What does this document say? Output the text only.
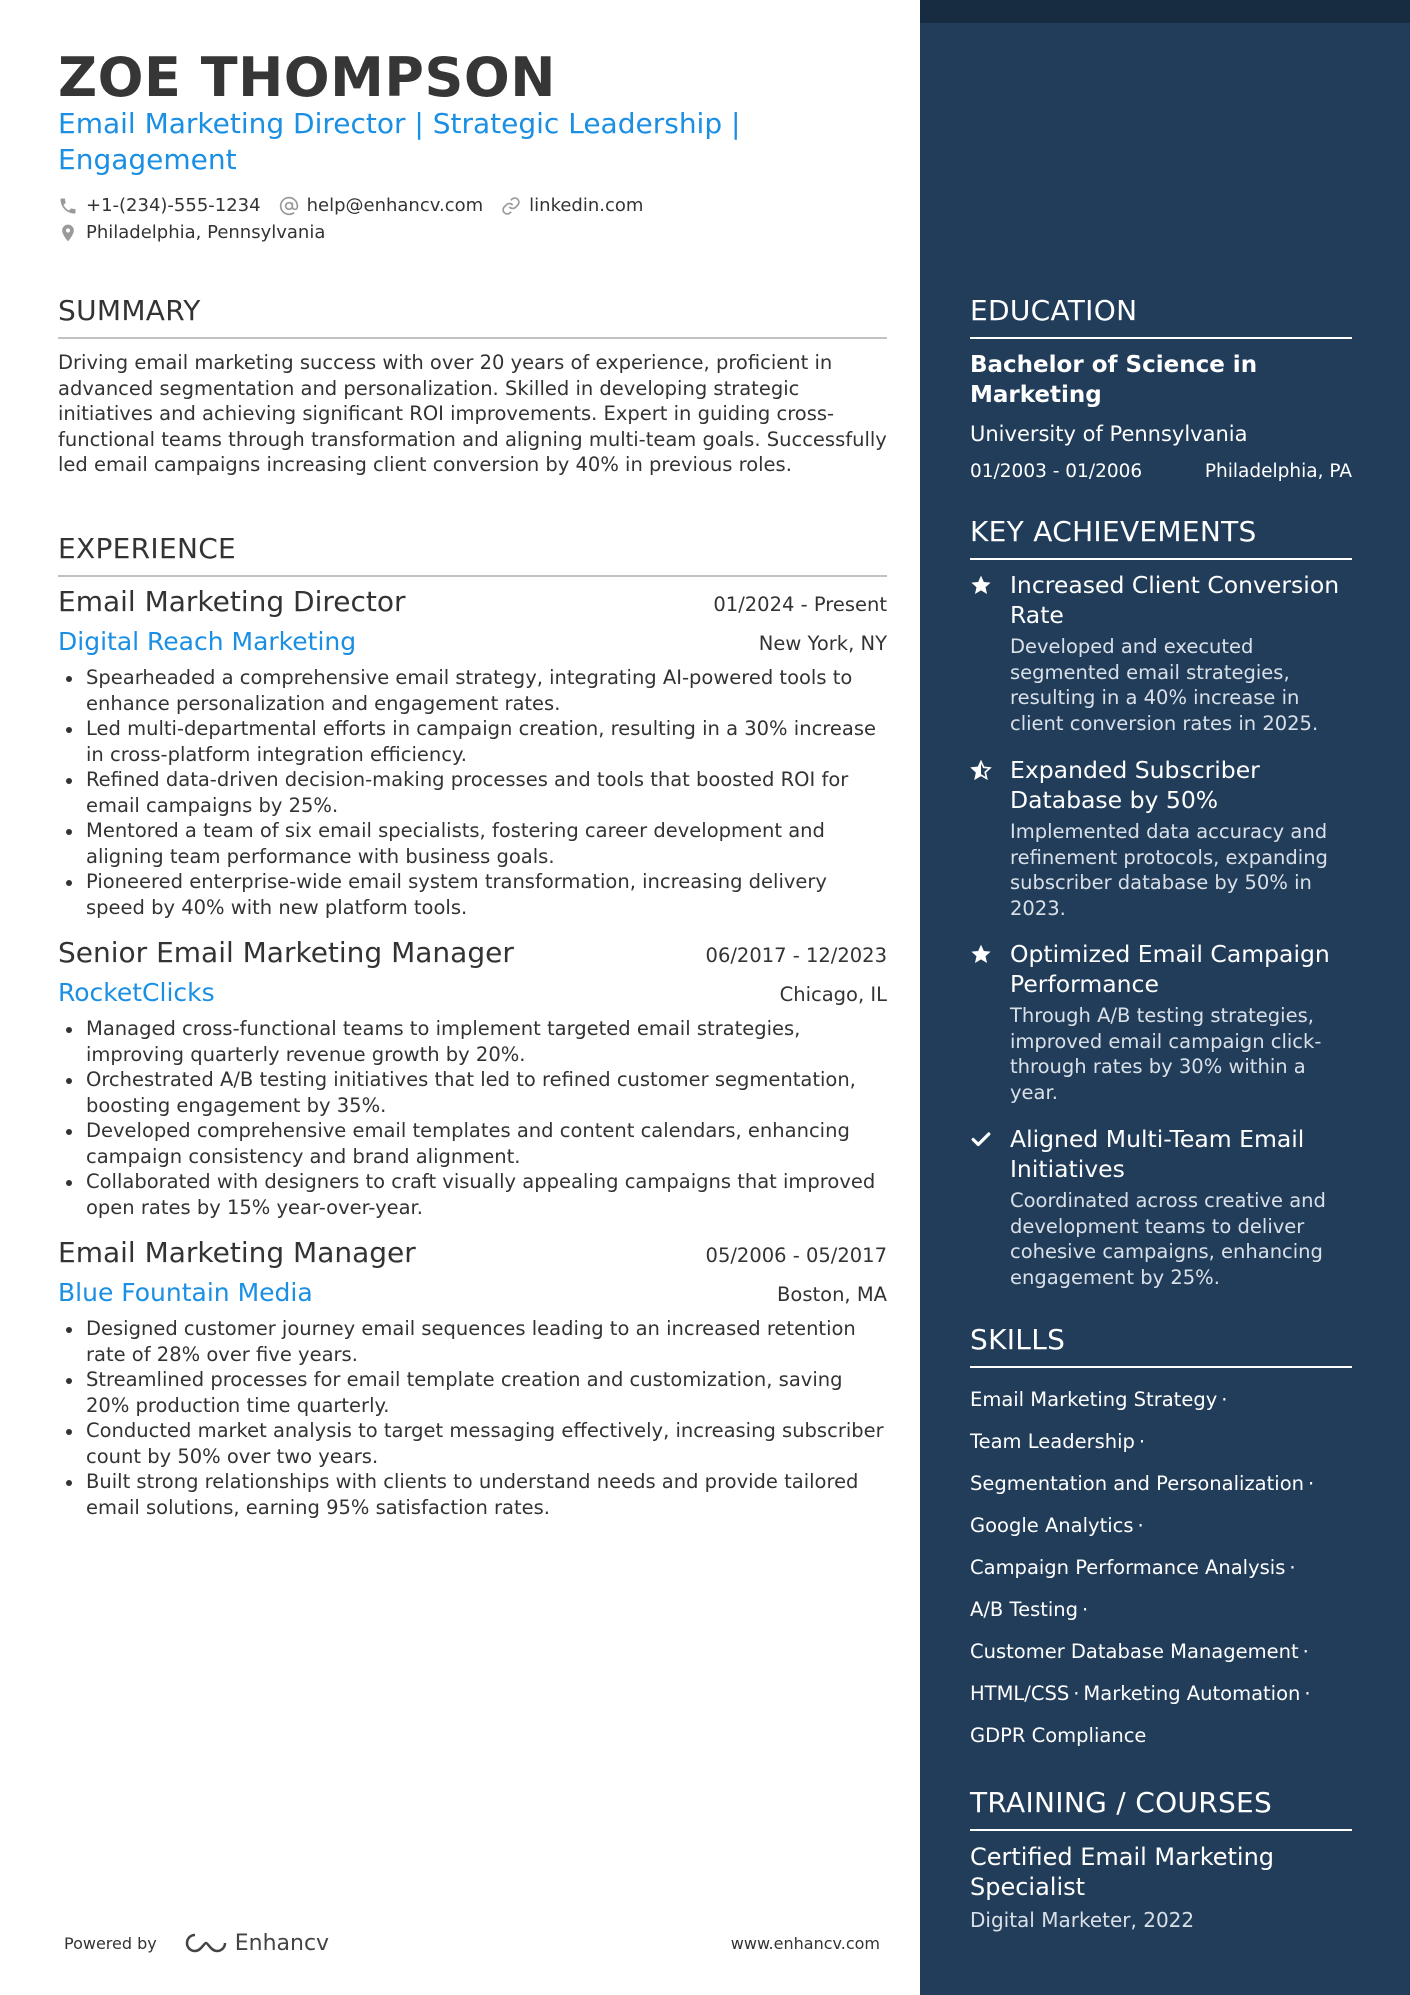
ZOE THOMPSON
Email Marketing Director | Strategic Leadership | Engagement
+1-(234)-555-1234	help@enhancv.com	linkedin.com
Philadelphia, Pennsylvania
SUMMARY
Driving email marketing success with over 20 years of experience, proficient in advanced segmentation and personalization. Skilled in developing strategic initiatives and achieving significant ROI improvements. Expert in guiding cross-functional teams through transformation and aligning multi-team goals. Successfully led email campaigns increasing client conversion by 40% in previous roles.
EXPERIENCE
Email Marketing Director	01/2024 - Present
Digital Reach Marketing	New York, NY
Spearheaded a comprehensive email strategy, integrating AI-powered tools to enhance personalization and engagement rates.
Led multi-departmental efforts in campaign creation, resulting in a 30% increase in cross-platform integration efficiency.
Refined data-driven decision-making processes and tools that boosted ROI for email campaigns by 25%.
Mentored a team of six email specialists, fostering career development and aligning team performance with business goals.
Pioneered enterprise-wide email system transformation, increasing delivery speed by 40% with new platform tools.
Senior Email Marketing Manager	06/2017 - 12/2023
RocketClicks	Chicago, IL
Managed cross-functional teams to implement targeted email strategies, improving quarterly revenue growth by 20%.
Orchestrated A/B testing initiatives that led to refined customer segmentation, boosting engagement by 35%.
Developed comprehensive email templates and content calendars, enhancing campaign consistency and brand alignment.
Collaborated with designers to craft visually appealing campaigns that improved open rates by 15% year-over-year.
Email Marketing Manager	05/2006 - 05/2017
Blue Fountain Media	Boston, MA
Designed customer journey email sequences leading to an increased retention rate of 28% over five years.
Streamlined processes for email template creation and customization, saving 20% production time quarterly.
Conducted market analysis to target messaging effectively, increasing subscriber count by 50% over two years.
Built strong relationships with clients to understand needs and provide tailored email solutions, earning 95% satisfaction rates.
Powered by	Enhancv	www.enhancv.com
EDUCATION
Bachelor of Science in Marketing
University of Pennsylvania
01/2003 - 01/2006	Philadelphia, PA
KEY ACHIEVEMENTS
Increased Client Conversion Rate
Developed and executed segmented email strategies, resulting in a 40% increase in client conversion rates in 2025.
Expanded Subscriber Database by 50%
Implemented data accuracy and refinement protocols, expanding subscriber database by 50% in 2023.
Optimized Email Campaign Performance
Through A/B testing strategies, improved email campaign click-through rates by 30% within a year.
Aligned Multi-Team Email Initiatives
Coordinated across creative and development teams to deliver cohesive campaigns, enhancing engagement by 25%.
SKILLS
Email Marketing Strategy ·
Team Leadership ·
Segmentation and Personalization ·
Google Analytics ·
Campaign Performance Analysis ·
A/B Testing ·
Customer Database Management ·
HTML/CSS · Marketing Automation ·
GDPR Compliance
TRAINING / COURSES
Certified Email Marketing Specialist
Digital Marketer, 2022
